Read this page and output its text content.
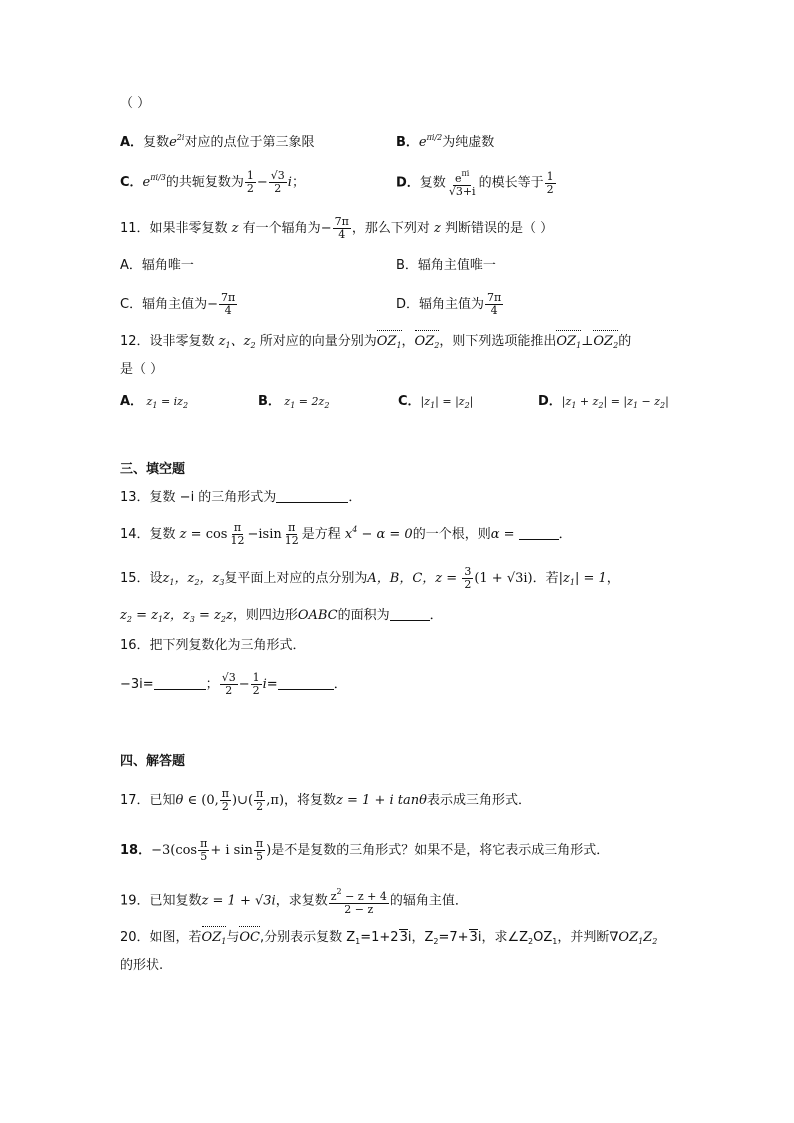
（ ）
A．复数$e^{2i}$对应的点位于第三象限	B．$e^{\pi i/2}$为纯虚数
C．$e^{\pi i/3}$的共轭复数为 $\frac{1}{2} - \frac{√3}{2}$ i；	D．复数 $\frac{e^{\pi i}}{√3+i}$ 的模长等于 $\frac{1}{2}$
11．如果非零复数 z 有一个辐角为− $\frac{7\pi}{4}$ ，那么下列对 z 判断错误的是（ ）
A．辐角唯一	B．辐角主值唯一
C．辐角主值为− $\frac{7\pi}{4}$	D．辐角主值为 $\frac{7\pi}{4}$
12．设非零复数 $z_1$、$z_2$ 所对应的向量分别为$OZ_1$，$OZ_2$，则下列选项能推出$OZ_1\perp OZ_2$的
是（ ）
A． $z_1 = iz_2$	B． $z_1 = 2z_2$	C．$|z_1| = |z_2|$	D．$|z_1 + z_2| = |z_1 - z_2|$
三、填空题
13．复数 −i 的三角形式为	．
14．复数 $z = \cos \frac{\pi}{12} -isin \frac{\pi}{12}$ 是方程 $x^4 - \alpha = 0$的一个根，则α =	．
15．设$z_1$，$z_2$，$z_3$复平面上对应的点分别为A，B，C，$z = \frac{3}{2} (1 + √3i)$．若$|z_1| = 1$，
$z_2 = z_1z$，$z_3 = z_2z$，则四边形OABC的面积为	．
16．把下列复数化为三角形式．
−3i=	； $\frac{√3}{2} - \frac{1}{2} i=$	．
四、解答题
17．已知θ ∈ (0, $\frac{\pi}{2}$ )∪( $\frac{\pi}{2} ,\pi$)，将复数z = 1 + i tanθ表示成三角形式．
18．$-3(\cos \frac{\pi}{5} + i$ $\sin \frac{\pi}{5}$ )是不是复数的三角形式？如果不是，将它表示成三角形式．
19．已知复数z = 1 + √3i，求复数 $\frac{z^2 - z + 4}{2 - z}$ 的辐角主值．
20．如图，若$OZ_1$与OC,分别表示复数 $Z_1=1+23i$，$Z_2=7+3i$，求$\angle Z_2OZ_1$，并判断$\nabla OZ_1Z_2$
的形状.
